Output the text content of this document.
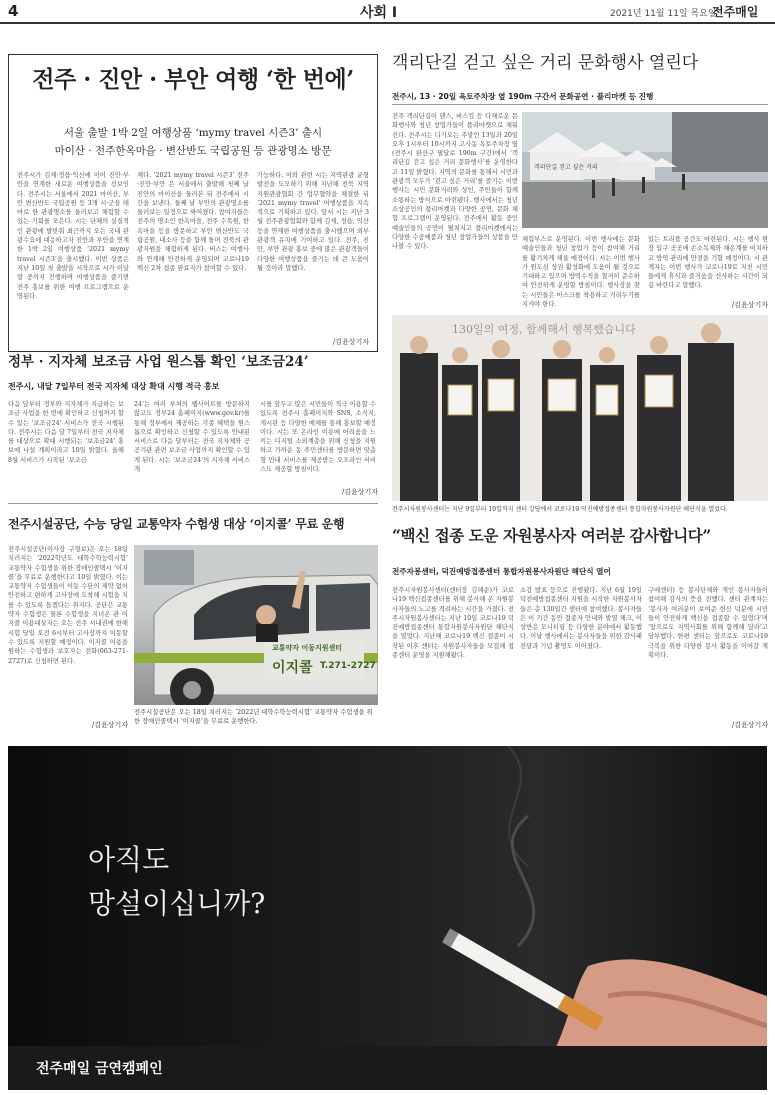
4	사회 Ⅰ	2021년 11월 11일 목요일
전주매일
전주 · 진안 · 부안 여행 ‘한 번에’
서울 출발 1박 2일 여행상품 ‘mymy travel 시즌3’ 출시
마이산 · 전주한옥마을 · 변산반도 국립공원 등 관광명소 방문
전주시가 김제·정읍·익산에 이어 진안·부안을 연계한 새로운 여행상품을 선보인다. 전주시는 서울에서 2021 마이산, 부안 변산반도 국립공원 등 3개 시·군을 테마로 한 관광명소를 둘러보고 체험할 수 있는 기회를 모은다. 시는 단체의 실질적인 관광에 발맞춰 최근까지 오는 국내 관광수요에 대응하고자 진안과 부안을 연계한 1박 2일 여행상품 ‘2021 mymy travel 시즌3’을 출시했다. 이번 상품은 지난 10일 첫 출발을 시작으로 시가 이달 말 중까지 진행하며 여행상품을 즐기면 전주 홍보를 위한 여행 프로그램으로 운영된다.
제다. ‘2021 mymy travel 시즌3’ 전주·진안·부안 은 서울에서 출발해 첫째 날 진안의 마이산을 둘러본 뒤 전주에서 시간을 보낸다. 둘째 날 부안의 관광명소를 둘러보는 일정으로 짜여졌다. 참여자들은 전주의 명소인 한옥마을, 전주 수목원, 한옥마을 등을 방문하고 부안 변산반도 국립공원, 내소사 등을 함께 돌며 전북의 관광자원을 체험하게 된다. 버스는 여행사와 연계해 안전하게 운영되며 코로나19 백신 2차 접종 완료자가 참여할 수 있다.
가능하다. 이와 관련 시는 지역관광 균형발전을 도모하기 위해 지난해 전북 지역 지원관광협회 간 업무협약을 체결한 뒤 ‘2021 mymy travel’ 여행상품을 지속적으로 기획하고 있다. 앞서 시는 지난 3월 전주관광협회와 함께 김제, 정읍, 익산 등을 연계한 여행상품을 출시했으며 외부 관광객 유치에 기여하고 있다. 전주, 진안, 부안 관광 홍보 중에 많은 관광객들이 다양한 여행상품을 즐기는 데 큰 도움이 될 것이라 말했다.
/김윤상기자
정부 · 지자체 보조금 사업 원스톱 확인 ‘보조금24’
전주시, 내달 7일부터 전국 지자체 대상 확대 시행 적극 홍보
다음 달부터 정부와 지자체가 지급하는 보조금 사업을 한 번에 확인하고 신청까지 할 수 있는 ‘보조금24’ 서비스가 전국 시행된다. 전주시는 다음 달 7일부터 전국 지자체를 대상으로 확대 시행되는 ‘보조금24’ 홍보에 나설 계획이라고 10일 밝혔다. 올해 8월 서비스가 시작된 ‘보조금
24’는 여러 부처의 웹사이트를 방문하지 않고도 정부24 홈페이지(www.gov.kr)를 통해 정부에서 제공하는 각종 혜택을 원스톱으로 확인하고 신청할 수 있도록 안내된 서비스로 다음 달부터는 전국 지자체와 공공기관 관련 보조금 사업까지 확인할 수 있게 된다. 시는 ‘보조금24’의 지자체 서비스 개
시를 앞두고 많은 시민들이 적극 이용할 수 있도록 전주시 홈페이지와 SNS, 소식지, 게시판 등 다양한 매체를 통해 홍보할 예정이다. 시는 또 온라인 이용에 어려움을 느끼는 디지털 소외계층을 위해 신청을 지원하고 가까운 동 주민센터를 방문하면 맞춤형 안내 서비스를 제공받는 오프라인 서비스도 제공할 방침이다.
/김윤상기자
전주시설공단, 수능 당일 교통약자 수험생 대상 ‘이지콜’ 무료 운행
전주시설공단(이사장 구형보)은 오는 18일 치러지는 ‘2022학년도 대학수학능력시험’ 교통약자 수험생을 위한 장애인콜택시 ‘이지콜’을 무료로 운행한다고 10일 밝혔다. 이는 교통약자 수험생들이 이동 수단의 제약 없이 안전하고 편하게 고사장에 도착해 시험을 치를 수 있도록 돕겠다는 취지다. 공단은 교통약자 수험생은 물론 수험생을 지녀온 관 이지콜 이용대상자는 오는 전주 시내권에 한해 시험 당일 오전 6시부터 고사장까지 이동할 수 있도록 지원할 예정이다. 이지콜 이용을 원하는 수험생과 보호자는 전화(063-271-2727)로 신청하면 된다.
/김윤상기자
교통약자 이동지원센터
이지콜 T.271-2727
전주시설공단은 오는 18일 치러지는 ‘2022년 대학수학능력시험’ 교통약자 수험생을 위한 장애인콜택시 ‘이지콜’을 무료로 운행한다.
객리단길 걷고 싶은 거리 문화행사 열린다
전주시, 13 · 20일 옥토주차장 옆 190m 구간서 문화공연 · 플리마켓 등 진행
전주 객리단길이 댄스, 버스킹 등 다채로운 문화행사와 청년 창업가들이 플리마켓으로 채워진다. 전주시는 다가오는 주말인 13일과 20일 오후 1시부터 10시까지 고사동 옥토주차장 옆(전주시 완산구 팔달로 190m 구간)에서 ‘객리단길 걷고 싶은 거리 문화행사’를 운영한다고 11일 밝혔다. 지역의 문화를 통해서 시민과 관광객 모두가 ‘걷고 싶은 거리’를 즐기는 이번 행사는 시민 문화거리와 상인, 주민들이 함께 소통하는 방식으로 마련됐다. 행사에서는 청년 소상공인의 플리마켓과 다양한 공연, 문화 체험 프로그램이 운영된다. 전주에서 활동 중인 예술인들의 공연이 펼쳐지고 플리마켓에서는 다양한 수공예품과 청년 창업가들의 상품을 만나볼 수 있다.
객리단길 걷고 싶은 거리
체험부스로 운영된다. 이번 행사에는 문화예술인들과 청년 창업가 등이 참여해 거리를 활기차게 채울 예정이다. 시는 이번 행사가 원도심 상권 활성화에 도움이 될 것으로 기대하고 있으며 방역수칙을 철저히 준수하여 안전하게 운영할 방침이다. 행사장을 찾는 시민들은 마스크를 착용하고 거리두기를 지켜야 한다.
있는 트리플 공간도 마련된다. 시는 행사 현장 입구 곳곳에 손소독제와 체온계를 비치하고 방역 관리에 만전을 기할 예정이다. 시 관계자는 이번 행사가 코로나19로 지친 시민들에게 휴식과 즐거움을 선사하는 시간이 되길 바란다고 말했다.
/김윤상기자
130일의 여정, 함께해서 행복했습니다
전주시자원봉사센터는 지난 9일부터 10일까지 센터 강당에서 코로나19 덕진예방접종센터 통합자원봉사자원단 해단식을 열었다.
“백신 접종 도운 자원봉사자 여러분 감사합니다”
전주자봉센터, 덕진예방접종센터 통합자원봉사자원단 해단식 열어
전주시자원봉사센터(센터장 김해순)가 코로나19 백신접종센터를 위해 봉사해 온 자원봉사자들의 노고를 격려하는 시간을 가졌다. 전주시자원봉사센터는 지난 10일 코로나19 덕진예방접종센터 통합자원봉사자원단 해단식을 열었다. 지난해 코로나19 백신 접종이 시작된 이후 센터는 자원봉사자들을 모집해 접종센터 운영을 지원해왔다.
소감 발표 등으로 진행됐다. 지난 6월 19일 덕진예방접종센터 지원을 시작한 자원봉사자들은 총 130일간 센터에 참여했다. 봉사자들은 이 기간 동안 접종자 안내와 발열 체크, 이상반응 모니터링 등 다양한 분야에서 활동했다. 이날 행사에서는 봉사자들을 위한 감사패 전달과 기념 촬영도 이어졌다.
구에센터) 등 봉사단체와 개인 봉사자들이 참여해 감사의 뜻을 전했다. 센터 관계자는 ‘봉사자 여러분이 보여준 헌신 덕분에 시민들이 안전하게 백신을 접종할 수 있었다’며 ‘앞으로도 지역사회를 위해 함께해 달라’고 당부했다. 한편 센터는 앞으로도 코로나19 극복을 위한 다양한 봉사 활동을 이어갈 계획이다.
/김윤상기자
아직도
망설이십니까?
전주매일 금연캠페인
